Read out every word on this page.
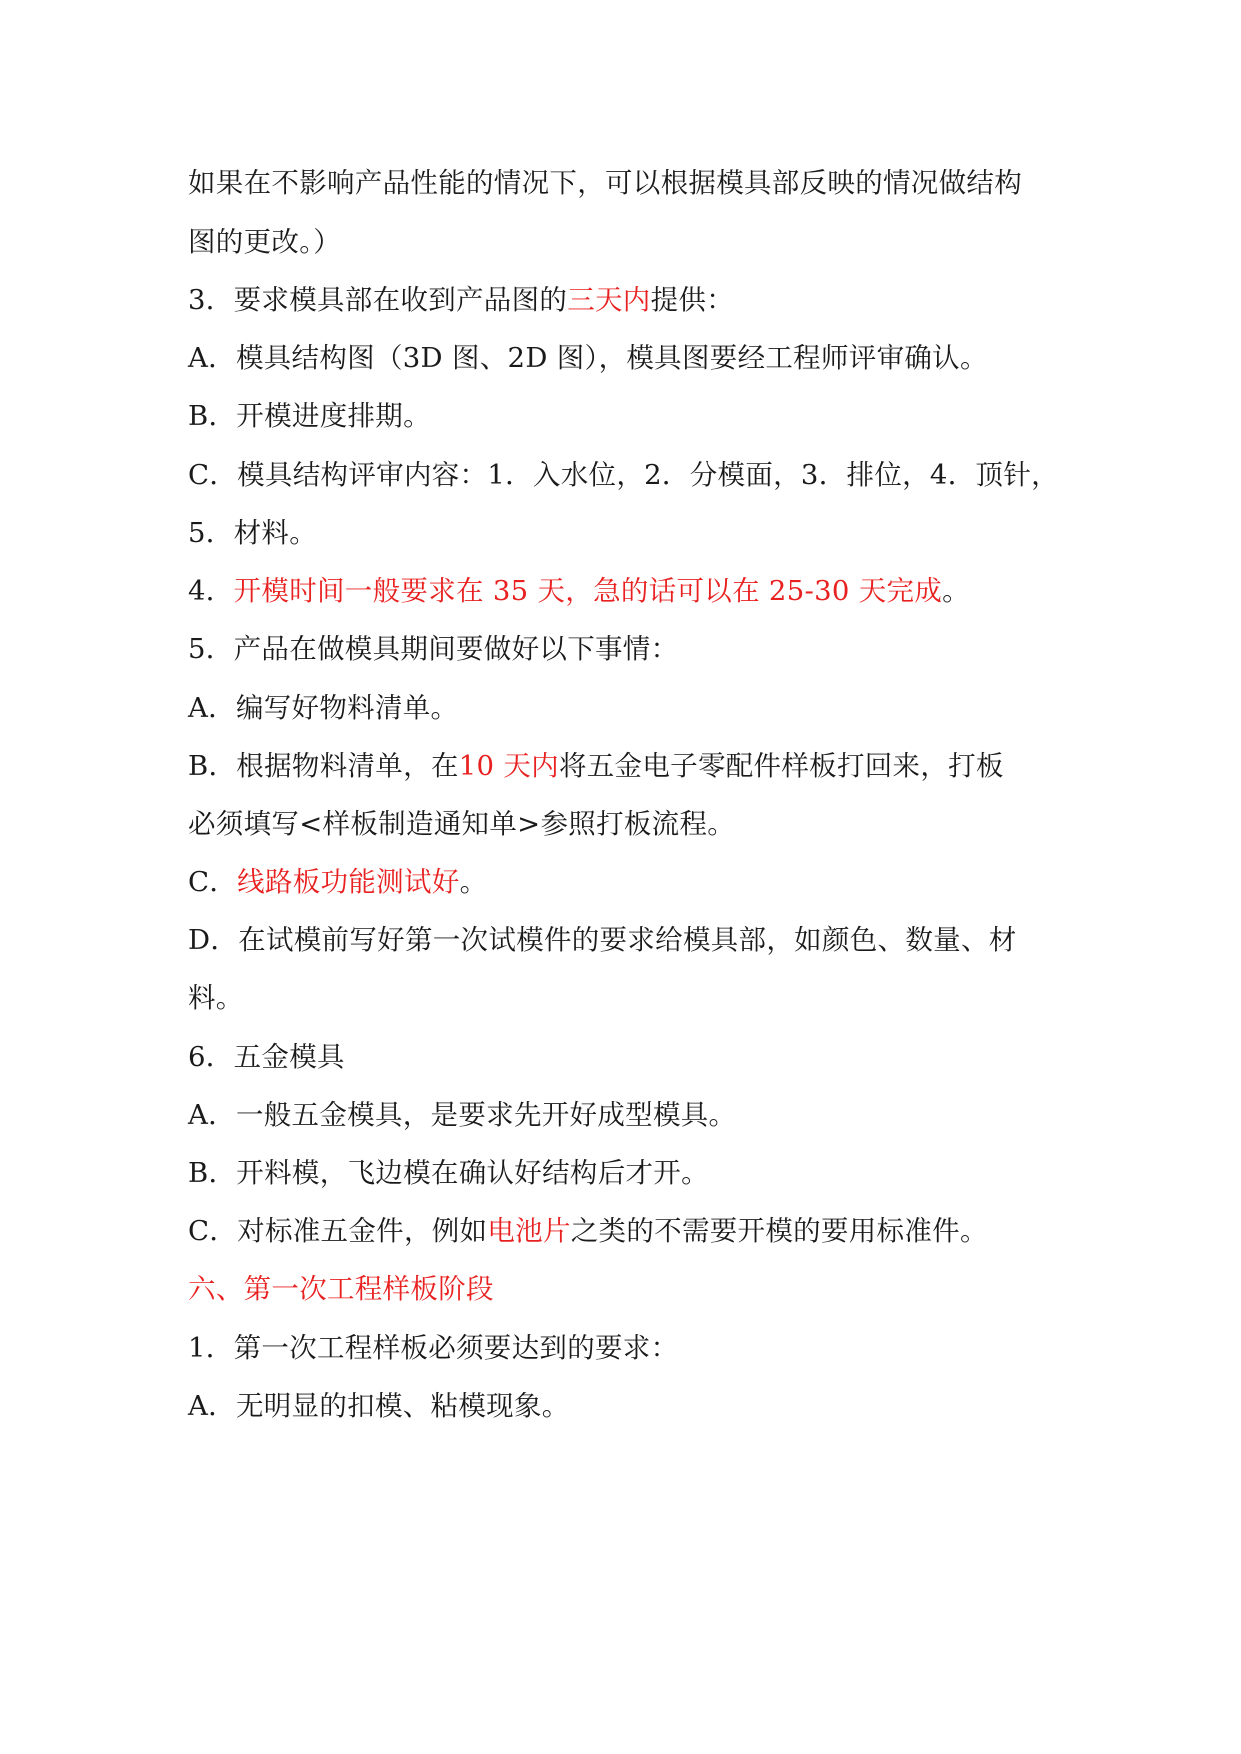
如果在不影响产品性能的情况下，可以根据模具部反映的情况做结构
图的更改。）
3．要求模具部在收到产品图的三天内提供：
A．模具结构图（3D 图、2D 图），模具图要经工程师评审确认。
B．开模进度排期。
C．模具结构评审内容：1．入水位，2．分模面，3．排位，4．顶针，
5．材料。
4．开模时间一般要求在 35 天，急的话可以在 25-30 天完成。
5．产品在做模具期间要做好以下事情：
A．编写好物料清单。
B．根据物料清单，在10 天内将五金电子零配件样板打回来，打板
必须填写<样板制造通知单>参照打板流程。
C．线路板功能测试好。
D．在试模前写好第一次试模件的要求给模具部，如颜色、数量、材
料。
6．五金模具
A．一般五金模具，是要求先开好成型模具。
B．开料模，飞边模在确认好结构后才开。
C．对标准五金件，例如电池片之类的不需要开模的要用标准件。
六、第一次工程样板阶段
1．第一次工程样板必须要达到的要求：
A．无明显的扣模、粘模现象。
